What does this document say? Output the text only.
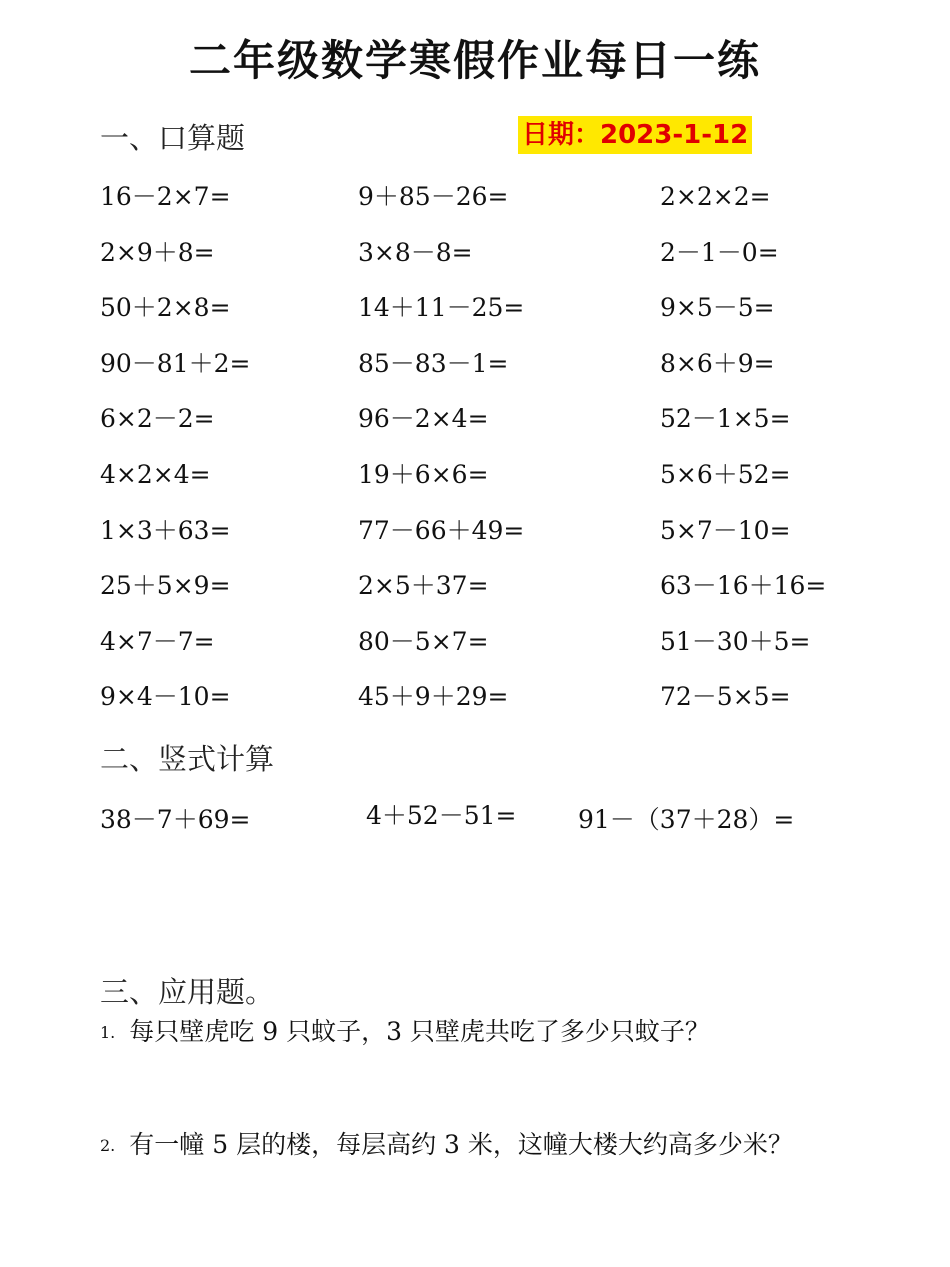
二年级数学寒假作业每日一练
一、口算题	日期：2023-1-12
16－2×7=	9＋85－26=	2×2×2=
2×9＋8=	3×8－8=	2－1－0=
50＋2×8=	14＋11－25=	9×5－5=
90－81＋2=	85－83－1=	8×6＋9=
6×2－2=	96－2×4=	52－1×5=
4×2×4=	19＋6×6=	5×6＋52=
1×3＋63=	77－66＋49=	5×7－10=
25＋5×9=	2×5＋37=	63－16＋16=
4×7－7=	80－5×7=	51－30＋5=
9×4－10=	45＋9＋29=	72－5×5=
二、竖式计算
38－7＋69=	4＋52－51= 91－（37＋28）=
三、应用题。
1. 每只壁虎吃 9 只蚊子，3 只壁虎共吃了多少只蚊子？
2. 有一幢 5 层的楼，每层高约 3 米，这幢大楼大约高多少米？
